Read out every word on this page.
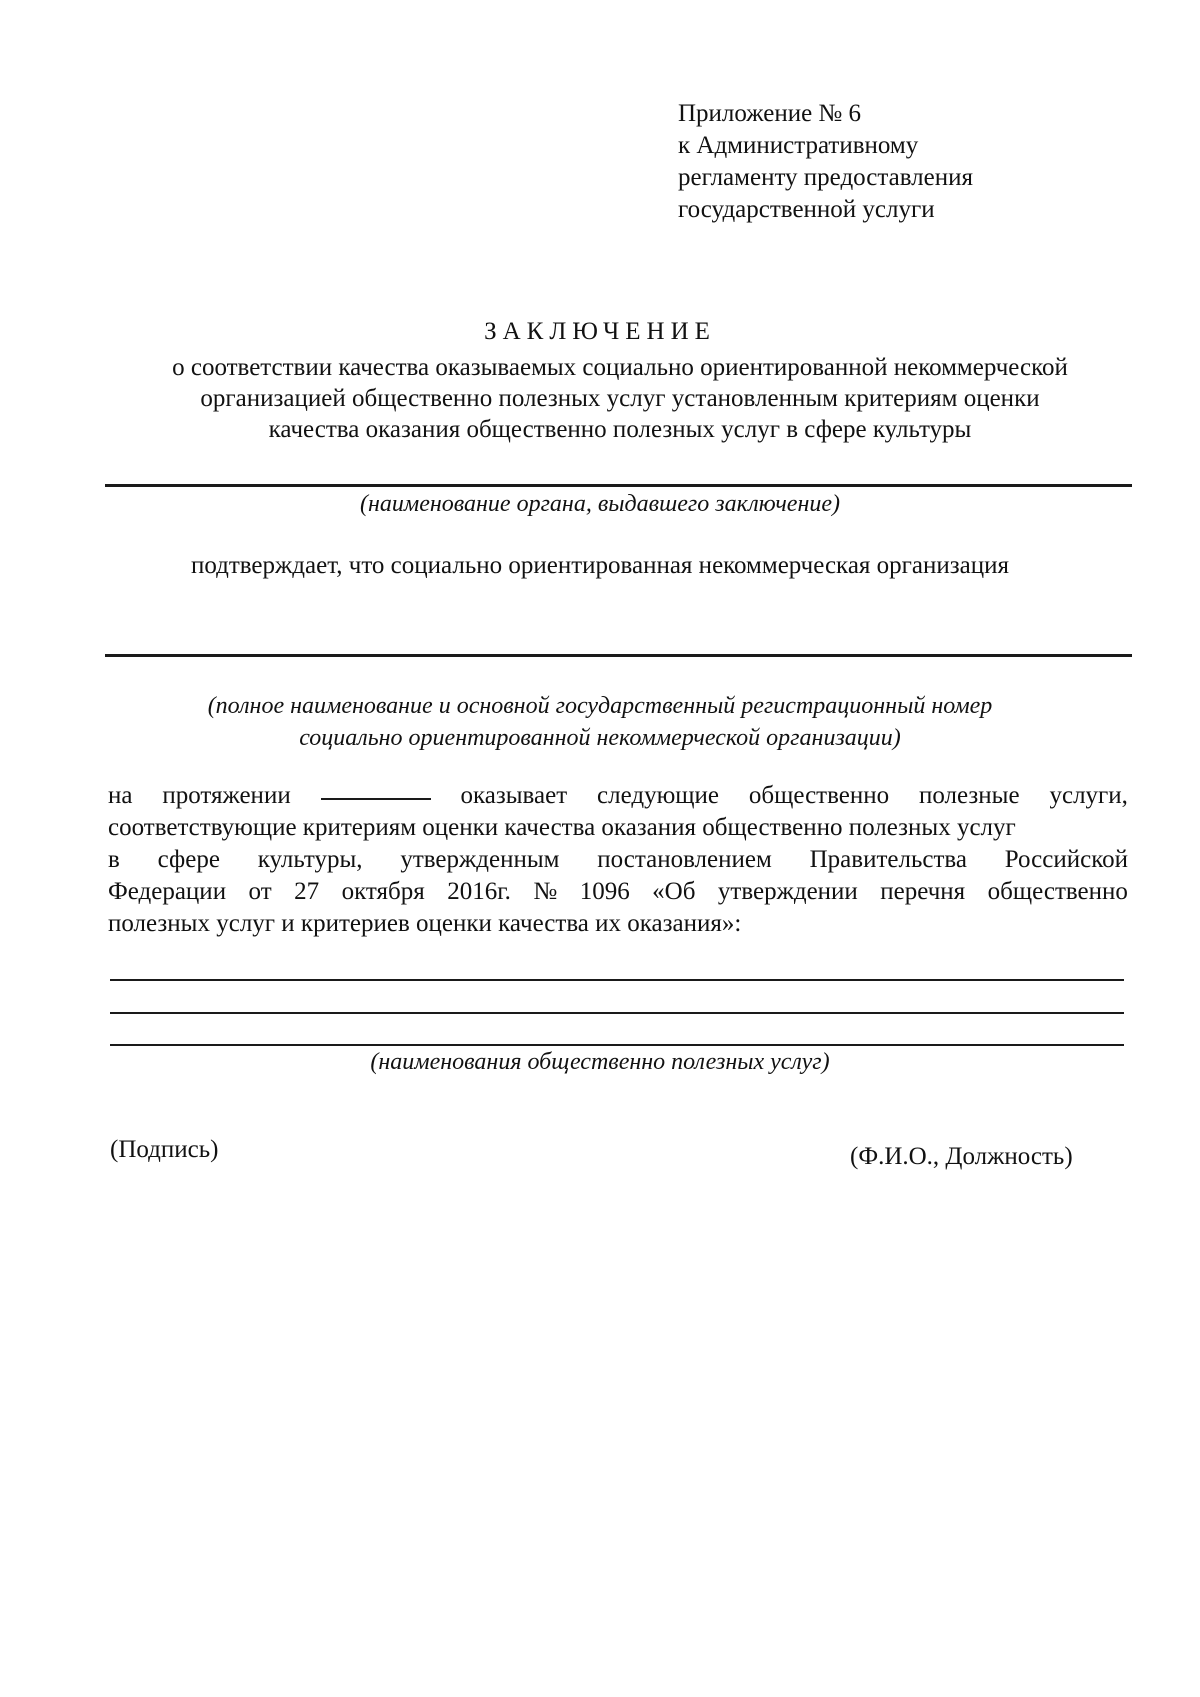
Приложение № 6
к Административному
регламенту предоставления
государственной услуги
ЗАКЛЮЧЕНИЕ
о соответствии качества оказываемых социально ориентированной некоммерческой
организацией общественно полезных услуг установленным критериям оценки
качества оказания общественно полезных услуг в сфере культуры
(наименование органа, выдавшего заключение)
подтверждает, что социально ориентированная некоммерческая организация
(полное наименование и основной государственный регистрационный номер
социально ориентированной некоммерческой организации)
на протяжении	оказывает следующие общественно полезные услуги,
соответствующие критериям оценки качества оказания общественно полезных услуг
в сфере культуры, утвержденным постановлением Правительства Российской
Федерации от 27 октября 2016г. № 1096 «Об утверждении перечня общественно
полезных услуг и критериев оценки качества их оказания»:
(наименования общественно полезных услуг)
(Подпись)	(Ф.И.О., Должность)
